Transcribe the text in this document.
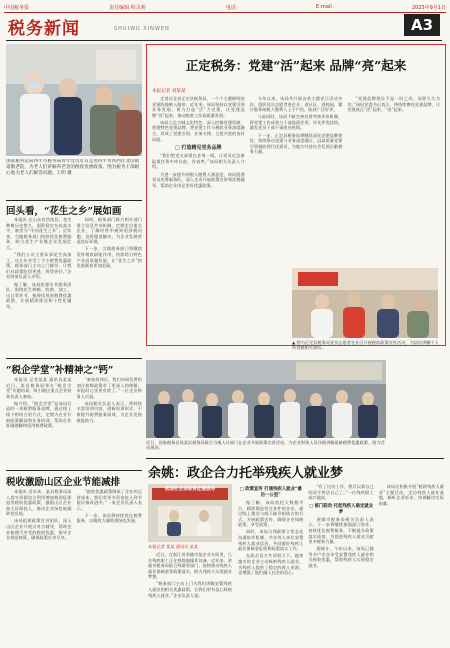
中国税务报	责任编辑 程灵莉	电话	E-mail	2023年9月1日
税务新闻	SHUIWU XINWEN	A3
国家税务总局四平市税务局青年党员近日走进四平市铁西区北山街道敬老院，为老人们讲解养老金的税收优惠政策。图为税务干部耐心地为老人们解答问题。王明 摄
回头看，“花生之乡”展如画

本报讯 在山东省莒南县，花生种植历史悠久，面积稳定在较高水平，被誉为“中国花生之乡”。近年来，当地税务部门持续优化税费服务，助力花生产业链企业发展壮大。

“我们公司主要从事花生深加工，这几年享受了不少税费优惠政策，税务部门主动上门辅导，让我们对政策吃得更透、用得更好。”企业财务负责人介绍。

据了解，该局组建专业服务团队，围绕花生种植、收购、加工、出口等环节，梳理适用的税费优惠政策，开展精准推送和个性化辅导。

同时，税务部门联合相关部门建立信息共享机制，定期走访重点企业，了解经营中遇到的涉税问题，及时跟进解决，为企业发展营造良好环境。

下一步，当地税务部门将继续发挥税收职能作用，持续助力特色产业高质量发展，让“花生之乡”的发展画卷更加美丽。

正定税务：党建“活”起来 品牌“亮”起来
本报记者 刘某某

走进河北省正定县税务局，一个个主题鲜明的党建阵地映入眼帘。近年来，该局坚持以党建引领业务发展，着力打造“活”力党建，让党建品牌“亮”起来，推动税收工作高质量发展。

该局立足古城文化特色，深入挖掘党建资源，创建特色党建品牌，将党建工作与税收业务深度融合，形成了党建引领、业务支撑、互促共进的良好局面。

□ 打造精见党务品牌

“我们把党支部建在业务一线，让党员在急难险重任务中冲在前、作表率。”该局相关负责人介绍。

为进一步提升纳税人缴费人满意度，该局组建党员先锋服务队，深入企业开展政策宣讲和涉税辅导，帮助企业用足用好优惠政策。

今年以来，该局共开展各类主题党日活动多次，组织党员志愿者进企业、进社区、进校园，累计服务纳税人缴费人上千户次，收获广泛好评。

与此同时，该局不断完善党建考核评价机制，将党建工作成效与干部选拔任用、评先评优挂钩，激发党员干部干事创业热情。

下一步，正定县税务局将继续深化党建品牌建设，持续推动党建与业务深度融合，以高质量党建引领税收现代化建设，为地方经济社会发展贡献税务力量。

“党建品牌建设不是一时之功，而要久久为功。”该局党委书记表示，将持续擦亮党建品牌，让党建真正“活”起来、“亮”起来。

▲ 图为正定县税务局党员志愿者在社区开展税收政策宣传活动，为居民讲解个人所得税相关知识。
近日，国家税务总局某县税务局联合当地人社部门在企业开展政策宣讲活动，为企业财务人员详细讲解最新税费优惠政策。图为活动现场。
“税企学堂”补精神之“钙”

本报讯 记者某某 通讯员某某 近日，某县税务局举办“税企学堂”专题培训，吸引辖区重点企业财务负责人参加。

据介绍，“税企学堂”是该局打造的一项税费服务品牌，通过线上线下相结合的方式，定期为企业开展政策解读和业务培训，帮助企业准确理解和适用税费政策。

“参加培训后，我们对研发费用加计扣除政策有了更深入的理解，申报时心里更有底了。”一位企业财务人员说。

该局相关负责人表示，将持续丰富培训内容，创新培训形式，不断提升税费服务质效，为企业发展赋能助力。

税收激励山区企业节能减排

本报讯 近年来，某县税务局深入落实资源综合利用增值税即征即退等税收优惠政策，激励山区企业加大环保投入，推动企业绿色低碳转型发展。

该局组建政策宣讲团队，深入山区企业开展点对点辅导，帮助企业梳理可享受的税收优惠，指导企业规范核算，确保政策应享尽享。

“税收优惠政策降低了企业的运营成本，我们有更多资金投入到节能设备改造中。”一家企业负责人表示。

下一步，该局将持续优化税费服务，以税收力量助推绿色发展。

余姚：政企合力托举残疾人就业梦
推进社会保险费征缴服务
本报记者 某某 通讯员 某某

近日，在浙江省余姚市某企业车间里，几名残疾职工正在熟练地操作设备。近年来，余姚市税务局联合残联等部门，持续推动残疾人就业保障金等政策落实，助力残疾人实现就业梦想。

“税务部门主动上门为我们讲解安置残疾人就业的相关优惠政策，让我们更有信心吸纳残疾人就业。”企业负责人说。

□ 政策宣传 打通残疾人就业“最后一公里”

据了解，该局依托大数据平台，精准筛选符合条件的企业，通过线上推送与线下辅导相结合的方式，开展政策宣传，确保企业知晓政策、享受政策。

同时，该局与残联建立常态化沟通协作机制，共享用人单位安置残疾人就业信息，共同做好残疾人就业保障金征收和政策落实工作。

在政企双方共同努力下，越来越多的企业主动吸纳残疾人就业，为残疾人提供了稳定的收入来源，也增强了他们融入社会的信心。

“有了这份工作，我可以靠自己的双手养活自己了。”一位残疾职工高兴地说。

□ 部门联动 托起残疾人稳定就业梦

余姚市税务局相关负责人表示，下一步将继续加强部门协作，持续优化税费服务，不断提升政策落实质效，为促进残疾人就业贡献更多税务力量。

据统计，今年以来，该局已辅导多户企业享受安置残疾人就业相关税收优惠，帮助残疾人实现稳定就业。

该局还积极开展“税助残疾人就业”主题活动，走访残疾人就业基地，倾听企业诉求，协调解决实际困难。
